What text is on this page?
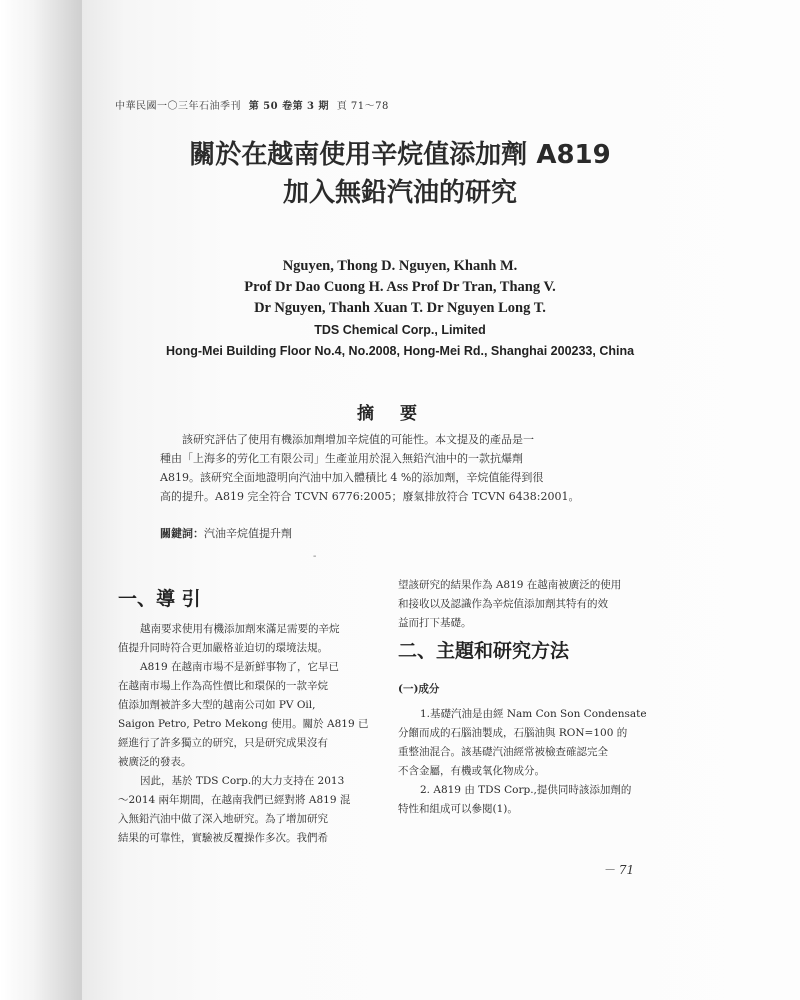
中華民國一〇三年石油季刊 第 50 卷第 3 期 頁 71～78
關於在越南使用辛烷值添加劑 A819
加入無鉛汽油的研究
Nguyen, Thong D. Nguyen, Khanh M.
Prof Dr Dao Cuong H. Ass Prof Dr Tran, Thang V.
Dr Nguyen, Thanh Xuan T. Dr Nguyen Long T.
TDS Chemical Corp., Limited
Hong-Mei Building Floor No.4, No.2008, Hong-Mei Rd., Shanghai 200233, China
摘要
該研究評估了使用有機添加劑增加辛烷值的可能性。本文提及的產品是一
種由「上海多的劳化工有限公司」生產並用於混入無鉛汽油中的一款抗爆劑
A819。該研究全面地證明向汽油中加入體積比 4 %的添加劑，辛烷值能得到很
高的提升。A819 完全符合 TCVN 6776:2005；廢氣排放符合 TCVN 6438:2001。
關鍵詞：汽油辛烷值提升劑
-
一、導 引
越南要求使用有機添加劑來滿足需要的辛烷
值提升同時符合更加嚴格並迫切的環境法規。
A819 在越南市場不是新鮮事物了，它早已
在越南市場上作為高性價比和環保的一款辛烷
值添加劑被許多大型的越南公司如 PV Oil,
Saigon Petro, Petro Mekong 使用。關於 A819 已
經進行了許多獨立的研究，只是研究成果沒有
被廣泛的發表。
因此，基於 TDS Corp.的大力支持在 2013
～2014 兩年期間，在越南我們已經對將 A819 混
入無鉛汽油中做了深入地研究。為了增加研究
結果的可靠性，實驗被反覆操作多次。我們希
望該研究的結果作為 A819 在越南被廣泛的使用
和接收以及認識作為辛烷值添加劑其特有的效
益而打下基礎。
二、主題和研究方法
(一)成分
1.基礎汽油是由經 Nam Con Son Condensate
分餾而成的石腦油製成，石腦油與 RON=100 的
重整油混合。該基礎汽油經常被檢查確認完全
不含金屬，有機或氧化物成分。
2. A819 由 TDS Corp.,提供同時該添加劑的
特性和組成可以參閱(1)。
－ 71
